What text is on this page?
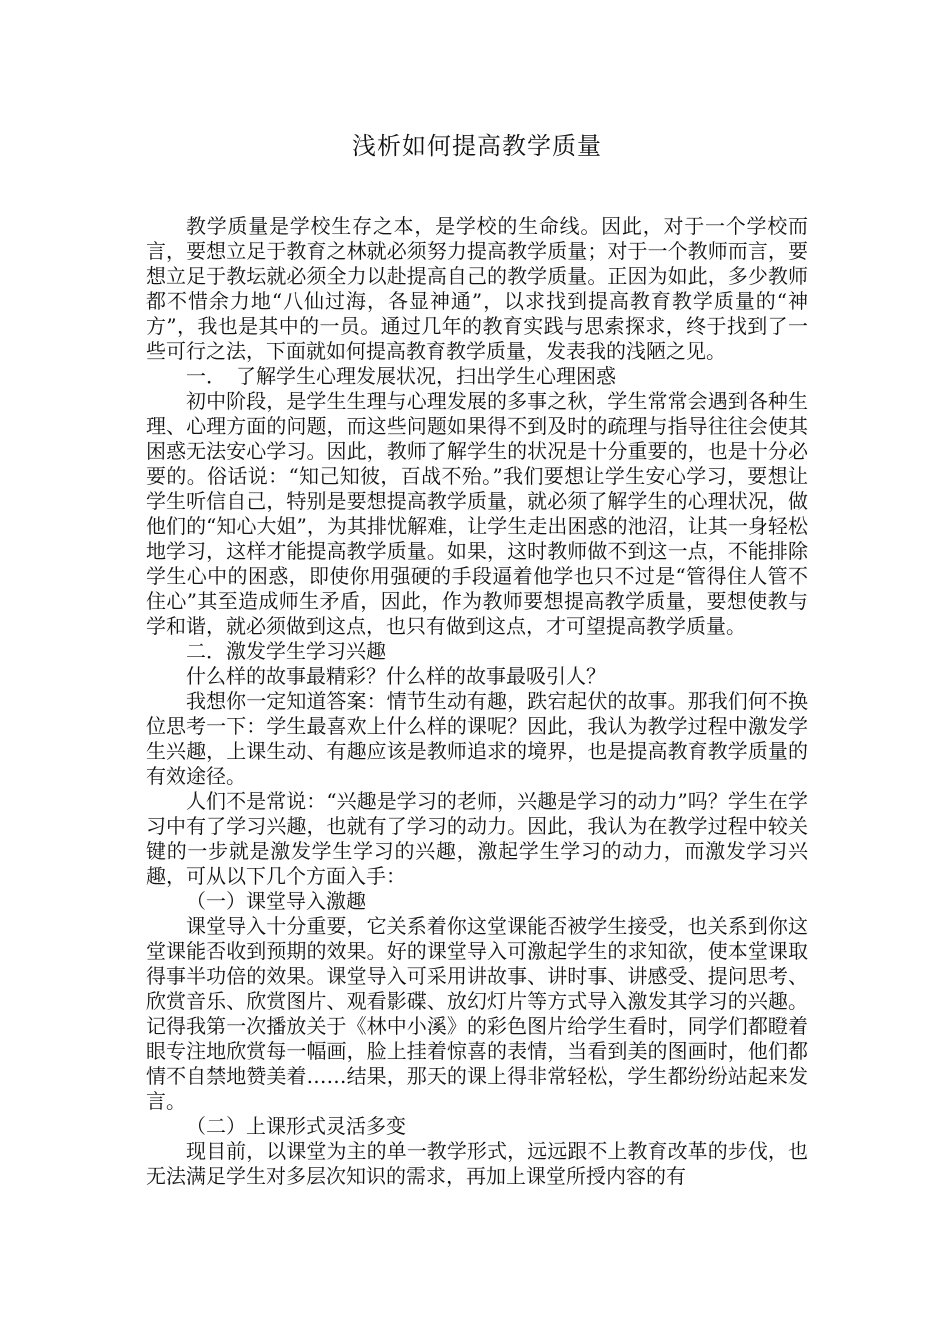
浅析如何提高教学质量

教学质量是学校生存之本，是学校的生命线。因此，对于一个学校而言，要想立足于教育之林就必须努力提高教学质量；对于一个教师而言，要想立足于教坛就必须全力以赴提高自己的教学质量。正因为如此，多少教师都不惜余力地“八仙过海，各显神通”，以求找到提高教育教学质量的“神方”，我也是其中的一员。通过几年的教育实践与思索探求，终于找到了一些可行之法，下面就如何提高教育教学质量，发表我的浅陋之见。

一．　了解学生心理发展状况，扫出学生心理困惑

初中阶段，是学生生理与心理发展的多事之秋，学生常常会遇到各种生理、心理方面的问题，而这些问题如果得不到及时的疏理与指导往往会使其困惑无法安心学习。因此，教师了解学生的状况是十分重要的，也是十分必要的。俗话说：“知己知彼，百战不殆。”我们要想让学生安心学习，要想让学生听信自己，特别是要想提高教学质量，就必须了解学生的心理状况，做他们的“知心大姐”，为其排忧解难，让学生走出困惑的池沼，让其一身轻松地学习，这样才能提高教学质量。如果，这时教师做不到这一点，不能排除学生心中的困惑，即使你用强硬的手段逼着他学也只不过是“管得住人管不住心”其至造成师生矛盾，因此，作为教师要想提高教学质量，要想使教与学和谐，就必须做到这点，也只有做到这点，才可望提高教学质量。

二．激发学生学习兴趣

什么样的故事最精彩？什么样的故事最吸引人？

我想你一定知道答案：情节生动有趣，跌宕起伏的故事。那我们何不换位思考一下：学生最喜欢上什么样的课呢？因此，我认为教学过程中激发学生兴趣，上课生动、有趣应该是教师追求的境界，也是提高教育教学质量的有效途径。

人们不是常说：“兴趣是学习的老师，兴趣是学习的动力”吗？学生在学习中有了学习兴趣，也就有了学习的动力。因此，我认为在教学过程中较关键的一步就是激发学生学习的兴趣，激起学生学习的动力，而激发学习兴趣，可从以下几个方面入手：

（一）课堂导入激趣

课堂导入十分重要，它关系着你这堂课能否被学生接受，也关系到你这堂课能否收到预期的效果。好的课堂导入可激起学生的求知欲，使本堂课取得事半功倍的效果。课堂导入可采用讲故事、讲时事、讲感受、提问思考、欣赏音乐、欣赏图片、观看影碟、放幻灯片等方式导入激发其学习的兴趣。记得我第一次播放关于《林中小溪》的彩色图片给学生看时，同学们都瞪着眼专注地欣赏每一幅画，脸上挂着惊喜的表情，当看到美的图画时，他们都情不自禁地赞美着……结果，那天的课上得非常轻松，学生都纷纷站起来发言。

（二）上课形式灵活多变

现目前，以课堂为主的单一教学形式，远远跟不上教育改革的步伐，也无法满足学生对多层次知识的需求，再加上课堂所授内容的有
